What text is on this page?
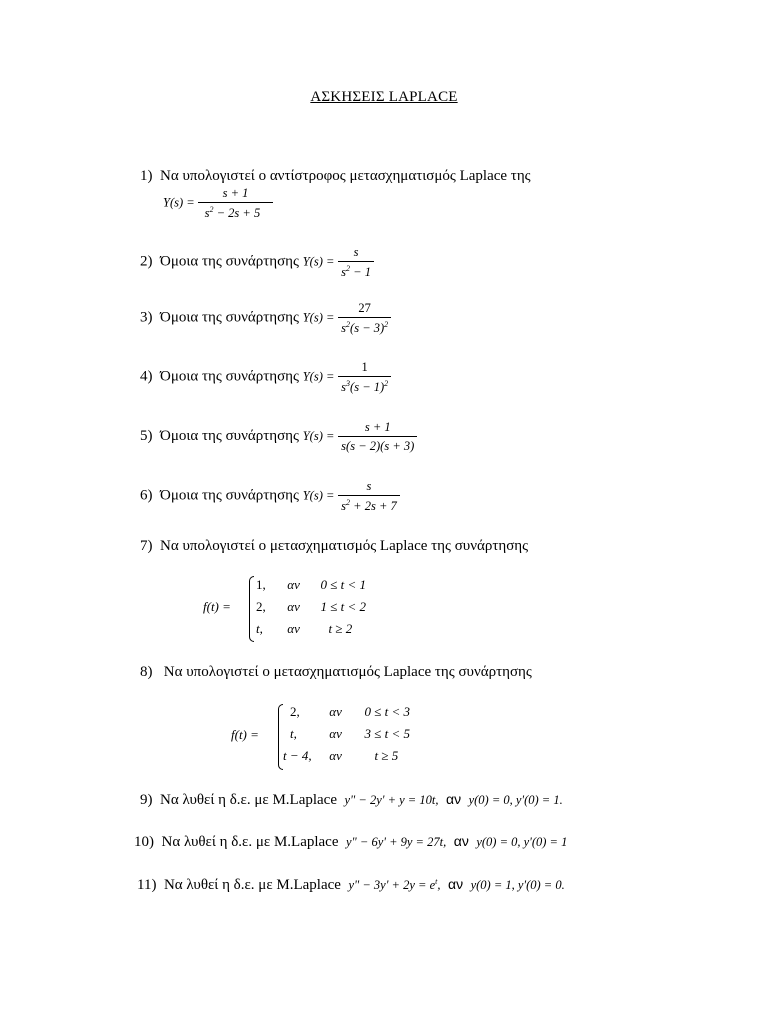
ΑΣΚΗΣΕΙΣ LAPLACE
1) Να υπολογιστεί ο αντίστροφος μετασχηματισμός Laplace της
$Y(s) = \frac{s + 1}{s^2 - 2s + 5}$
2) Όμοια της συνάρτησης $Y(s) = \frac{s}{s^2 - 1}$
3) Όμοια της συνάρτησης $Y(s) = \frac{27}{s^2(s - 3)^2}$
4) Όμοια της συνάρτησης $Y(s) = \frac{1}{s^3(s - 1)^2}$
5) Όμοια της συνάρτησης $Y(s) = \frac{s + 1}{s(s - 2)(s + 3)}$
6) Όμοια της συνάρτησης $Y(s) = \frac{s}{s^2 + 2s + 7}$
7) Να υπολογιστεί ο μετασχηματισμός Laplace της συνάρτησης
f(t) =
1, αν 0 ≤ t < 1
2, αν 1 ≤ t < 2
t, αν t ≥ 2
8) Να υπολογιστεί ο μετασχηματισμός Laplace της συνάρτησης
f(t) =
2, αν 0 ≤ t < 3
t, αν 3 ≤ t < 5
t − 4, αν	t ≥ 5
9) Να λυθεί η δ.ε. με Μ.Laplace y" − 2y' + y = 10t, αν y(0) = 0, y'(0) = 1.
10) Να λυθεί η δ.ε. με Μ.Laplace y" − 6y' + 9y = 27t, αν y(0) = 0, y'(0) = 1
11) Να λυθεί η δ.ε. με Μ.Laplace y" − $3y' + 2y = e^t$, αν y(0) = 1, y'(0) = 0.
